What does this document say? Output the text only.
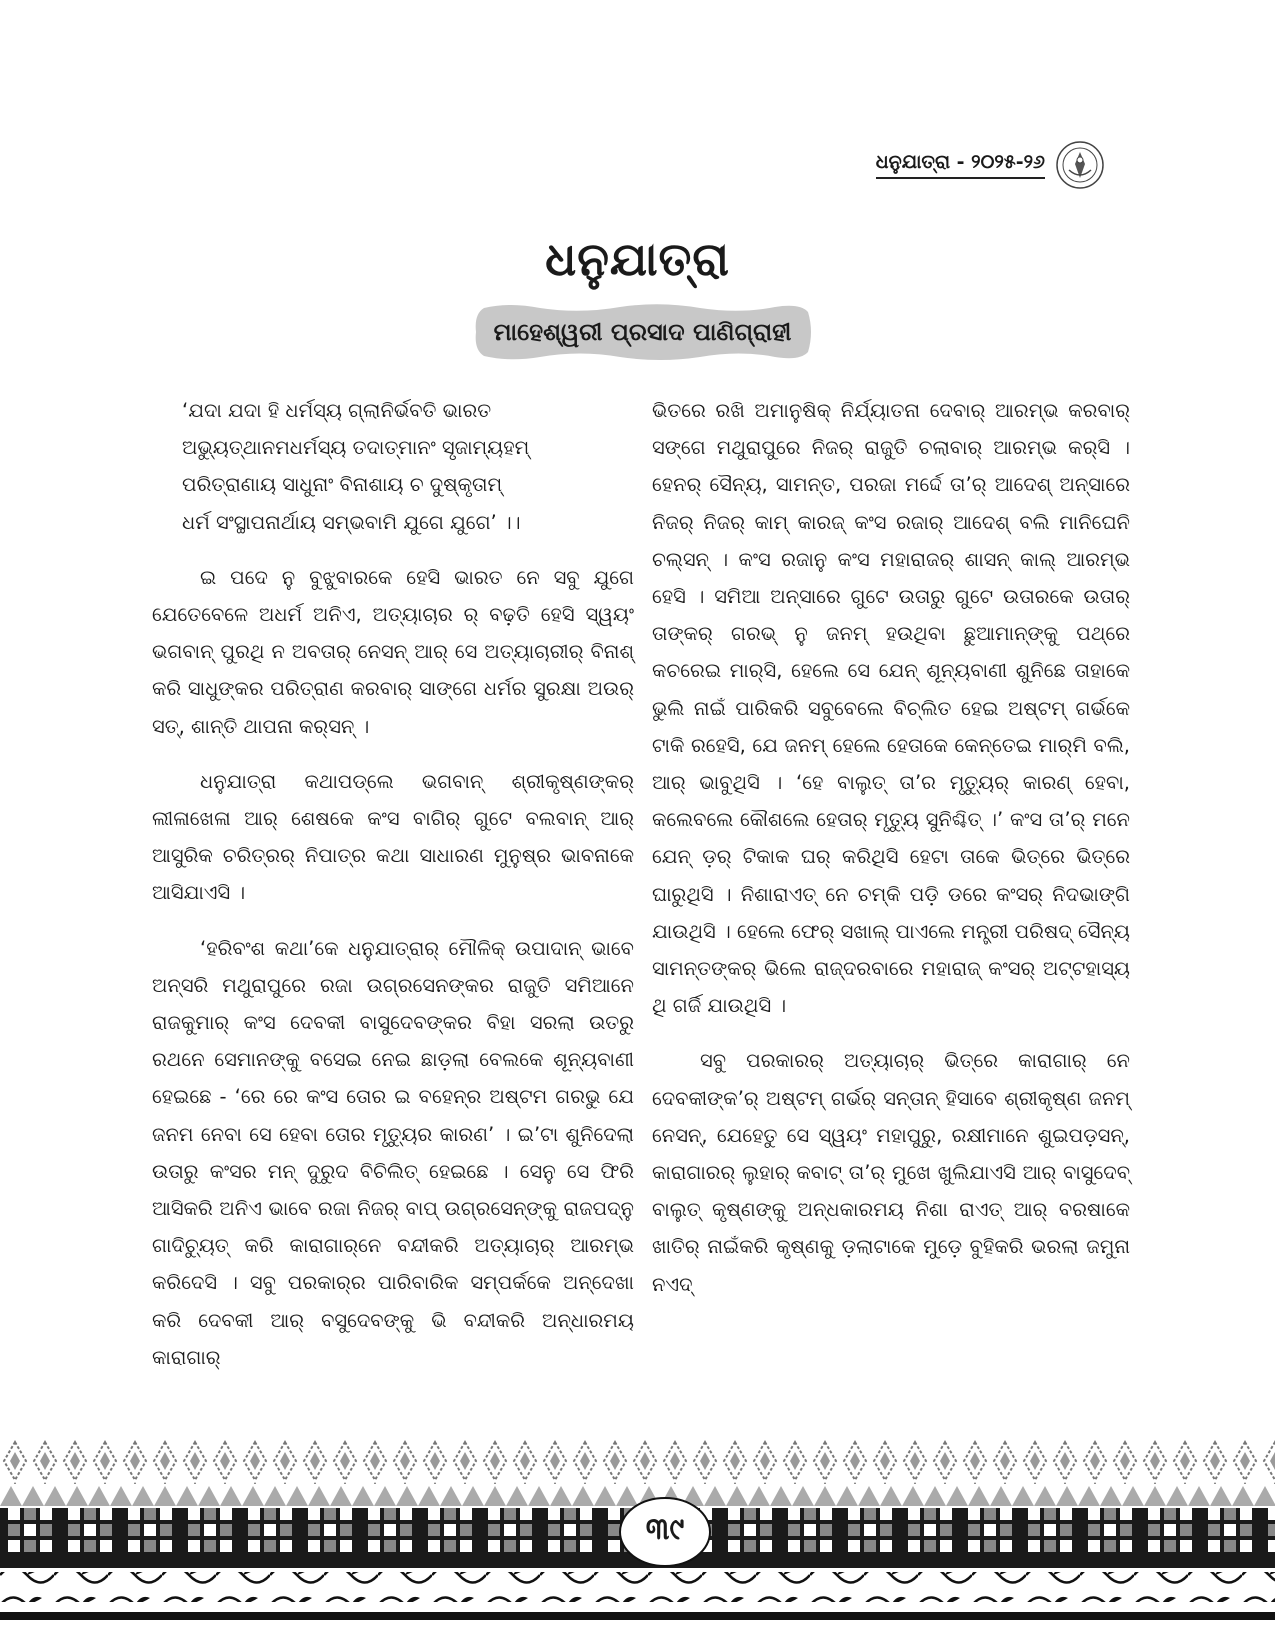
ଧନୁଯାତ୍ରା - ୨୦୨୫-୨୬
ଧନୁଯାତ୍ରା
ମାହେଶ୍ୱରୀ ପ୍ରସାଦ ପାଣିଗ୍ରାହୀ
‘ଯଦା ଯଦା ହି ଧର୍ମସ୍ୟ ଗ୍ଲାନିର୍ଭବତି ଭାରତ
ଅଭ୍ୟୁତ୍‌ଥାନମଧର୍ମସ୍ୟ ତଦାତ୍ମାନଂ ସୃଜାମ୍ୟହମ୍‌
ପରିତ୍ରାଣାୟ ସାଧୁନାଂ ବିନାଶାୟ ଚ ଦୁଷ୍କୃତାମ୍‌
ଧର୍ମ ସଂସ୍ଥାପନାର୍ଥାୟ ସମ୍ଭବାମି ଯୁଗେ ଯୁଗେ’ ।।

ଇ ପଦେ ନୁ ବୁଝୁବାରକେ ହେସି ଭାରତ ନେ ସବୁ ଯୁଗେ ଯେତେବେଳେ ଅଧର୍ମ ଅନିଏ, ଅତ୍ୟାଚାର ର୍‌ ବଢ଼ତି ହେସି ସ୍ୱୟଂ ଭଗବାନ୍‌ ପୁରଥି ନ ଅବତାର୍‌ ନେସନ୍‌ ଆର୍‌ ସେ ଅତ୍ୟାଚାରୀର୍‌ ବିନାଶ୍‌ କରି ସାଧୁଙ୍କର ପରିତ୍ରାଣ କରବାର୍‌ ସାଙ୍ଗେ ଧର୍ମର ସୁରକ୍ଷା ଅଉର୍‌ ସତ୍‌, ଶାନ୍ତି ଥାପନା କର୍‌ସନ୍‌ ।

ଧନୁଯାତ୍ରା କଥାପଡ୍‌ଲେ ଭଗବାନ୍‌ ଶ୍ରୀକୃଷ୍ଣଙ୍କର୍‌ ଲୀଳାଖେଳା ଆର୍‌ ଶେଷକେ କଂସ ବାଗିର୍‌ ଗୁଟେ ବଲବାନ୍‌ ଆର୍‌ ଆସୁରିକ ଚରିତ୍ରର୍‌ ନିପାତ୍‌ର କଥା ସାଧାରଣ ମୁନୁଷ୍‌ର ଭାବନାକେ ଆସିଯାଏସି ।

‘ହରିବଂଶ କଥା’କେ ଧନୁଯାତ୍ରାର୍‌ ମୌଳିକ୍‌ ଉପାଦାନ୍‌ ଭାବେ ଅନ୍‌ସରି ମଥୁରାପୁରେ ରଜା ଉଗ୍ରସେନଙ୍କର ରାଜୁତି ସମିଆନେ ରାଜକୁମାର୍‌ କଂସ ଦେବକୀ ବାସୁଦେବଙ୍କର ବିହା ସରଲା ଉତରୁ ରଥନେ ସେମାନଙ୍କୁ ବସେଇ ନେଇ ଛାଡ଼ଲା ବେଲକେ ଶୂନ୍ୟବାଣୀ ହେଇଛେ - ‘ରେ ରେ କଂସ ତୋର ଇ ବହେନ୍‌ର ଅଷ୍ଟମ ଗରଭୁ ଯେ ଜନମ ନେବା ସେ ହେବା ତୋର ମୃତ୍ୟୁର କାରଣ’ । ଇ’ଟା ଶୁନିଦେଲା ଉତାରୁ କଂସର ମନ୍‌ ଦୁରୁଦ ବିଚିଲିତ୍‌ ହେଇଛେ । ସେନୁ ସେ ଫିରି ଆସିକରି ଅନିଏ ଭାବେ ରଜା ନିଜର୍‌ ବାପ୍‌ ଉଗ୍ରସେନ୍‌ଙ୍କୁ ରାଜପଦ୍‌ନୁ ଗାଦିଚ୍ୟୁତ୍‌ କରି କାରାଗାର୍‌ନେ ବନ୍ଦୀକରି ଅତ୍ୟାଚାର୍‌ ଆରମ୍ଭ କରିଦେସି । ସବୁ ପରକାର୍‌ର ପାରିବାରିକ ସମ୍ପର୍କକେ ଅନ୍‌ଦେଖା କରି ଦେବକୀ ଆର୍‌ ବସୁଦେବଙ୍କୁ ଭି ବନ୍ଦୀକରି ଅନ୍ଧାରମୟ କାରାଗାର୍‌

ଭିତରେ ରଖି ଅମାନୁଷିକ୍‌ ନିର୍ଯ୍ୟାତନା ଦେବାର୍‌ ଆରମ୍ଭ କରବାର୍‌ ସଙ୍ଗେ ମଥୁରାପୁରେ ନିଜର୍‌ ରାଜୁତି ଚଲାବାର୍‌ ଆରମ୍ଭ କର୍‌ସି । ହେନର୍‌ ସୈନ୍ୟ, ସାମନ୍ତ, ପରଜା ମର୍ଦ୍ଦେ ତା’ର୍‌ ଆଦେଶ୍‌ ଅନ୍‌ସାରେ ନିଜର୍‌ ନିଜର୍‌ କାମ୍‌ କାରଜ୍‌ କଂସ ରଜାର୍‌ ଆଦେଶ୍‌ ବଲି ମାନିଘେନି ଚଲ୍‌ସନ୍‌ । କଂସ ରଜାନୁ କଂସ ମହାରାଜର୍‌ ଶାସନ୍‌ କାଲ୍‌ ଆରମ୍ଭ ହେସି । ସମିଆ ଅନ୍‌ସାରେ ଗୁଟେ ଉତାରୁ ଗୁଟେ ଉତାରକେ ଉତାର୍‌ ତାଙ୍କର୍‌ ଗରଭ୍‌ ନୁ ଜନମ୍‌ ହଉଥିବା ଛୁଆମାନ୍‌ଙ୍କୁ ପଥ୍‌ରେ କଚରେଇ ମାର୍‌ସି, ହେଲେ ସେ ଯେନ୍‌ ଶୂନ୍ୟବାଣୀ ଶୁନିଛେ ତାହାକେ ଭୁଲି ନାଇଁ ପାରିକରି ସବୁବେଲେ ବିଚ୍‌ଲିତ ହେଇ ଅଷ୍ଟମ୍‌ ଗର୍ଭକେ ଟାକି ରହେସି, ଯେ ଜନମ୍‌ ହେଲେ ହେତାକେ କେନ୍ତେଇ ମାର୍‌ମି ବଲି, ଆର୍‌ ଭାବୁଥିସି । ‘ହେ ବାଲୁତ୍‌ ତା’ର ମୃତ୍ୟୁର୍‌ କାରଣ୍‌ ହେବା, କଲେବଲେ କୌଶଲେ ହେତାର୍‌ ମୃତ୍ୟୁ ସୁନିଶ୍ଚିତ୍‌ ।’ କଂସ ତା’ର୍‌ ମନେ ଯେନ୍‌ ଡ଼ର୍‌ ଟିକାକ ଘର୍‌ କରିଥିସି ହେଟା ତାକେ ଭିତ୍‌ରେ ଭିତ୍‌ରେ ଘାରୁଥିସି । ନିଶାରାଏତ୍‌ ନେ ଚମ୍‌କି ପଡ଼ି ଡରେ କଂସର୍‌ ନିଦଭାଙ୍ଗି ଯାଉଥିସି । ହେଲେ ଫେର୍‌ ସଖାଲ୍‌ ପାଏଲେ ମନ୍ତ୍ରୀ ପରିଷଦ୍‌ ସୈନ୍ୟ ସାମନ୍ତଙ୍କର୍‌ ଭିଲେ ରାଜ୍‌ଦରବାରେ ମହାରାଜ୍‌ କଂସର୍‌ ଅଟ୍ଟହାସ୍ୟ ଥି ଗର୍ଜି ଯାଉଥିସି ।

ସବୁ ପରକାରର୍‌ ଅତ୍ୟାଚାର୍‌ ଭିତ୍‌ରେ କାରାଗାର୍‌ ନେ ଦେବକୀଙ୍କ’ର୍‌ ଅଷ୍ଟମ୍‌ ଗର୍ଭର୍‌ ସନ୍ତାନ୍‌ ହିସାବେ ଶ୍ରୀକୃଷ୍ଣ ଜନମ୍‌ ନେସନ୍‌, ଯେହେତୁ ସେ ସ୍ୱୟଂ ମହାପୁରୁ, ରକ୍ଷୀମାନେ ଶୁଇପଡ଼ସନ୍‌, କାରାଗାରର୍‌ ଲୁହାର୍‌ କବାଟ୍‌ ତା’ର୍‌ ମୁଖେ ଖୁଲିଯାଏସି ଆର୍‌ ବାସୁଦେବ୍‌ ବାଲୁତ୍‌ କୃଷ୍ଣଙ୍କୁ ଅନ୍ଧକାରମୟ ନିଶା ରାଏତ୍‌ ଆର୍‌ ବରଷାକେ ଖାତିର୍‌ ନାଇଁକରି କୃଷ୍ଣକୁ ଡ଼ଲାଟାକେ ମୁଡ଼େ ବୁହିକରି ଭରଲା ଜମୁନା ନଏଦ୍‌

୩୯
